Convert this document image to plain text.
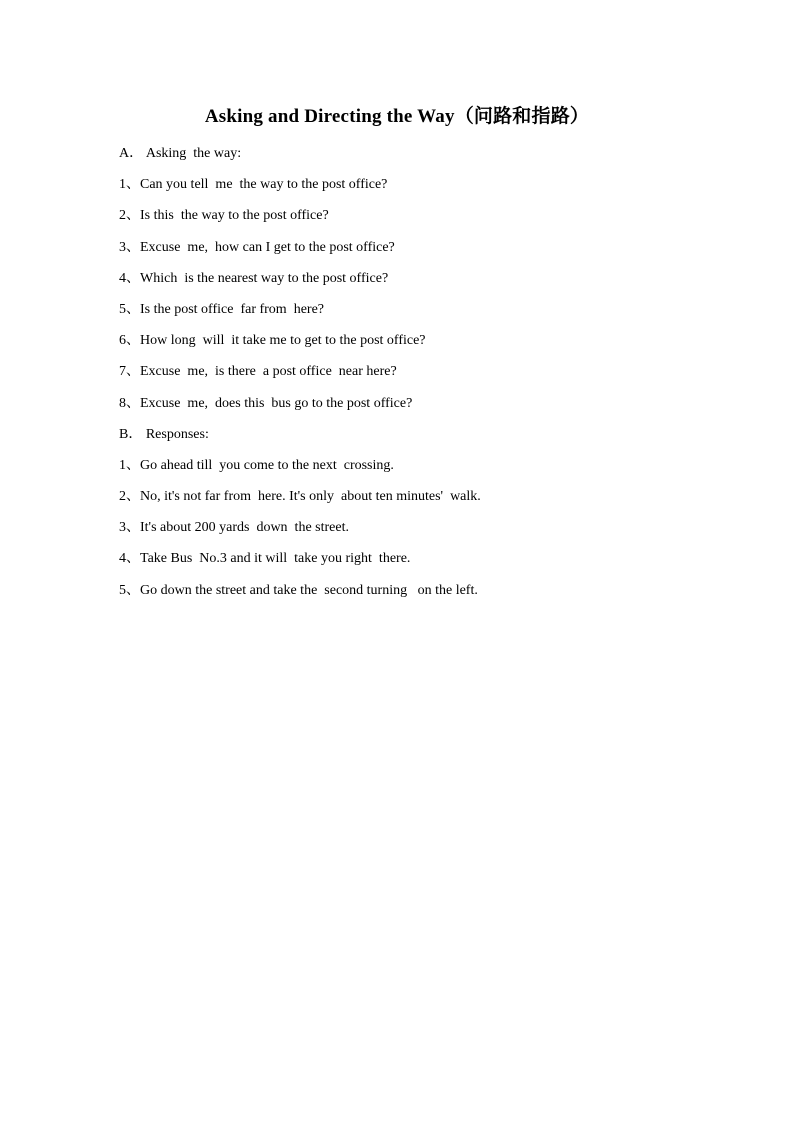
Asking and Directing the Way（问路和指路）
A． Asking  the way:
1、Can you tell  me  the way to the post office?
2、Is this  the way to the post office?
3、Excuse  me,  how can I get to the post office?
4、Which  is the nearest way to the post office?
5、Is the post office  far from  here?
6、How long  will  it take me to get to the post office?
7、Excuse  me,  is there  a post office  near here?
8、Excuse  me,  does this  bus go to the post office?
B． Responses:
1、Go ahead till  you come to the next  crossing.
2、No, it's not far from  here. It's only  about ten minutes'  walk.
3、It's about 200 yards  down  the street.
4、Take Bus  No.3 and it will  take you right  there.
5、Go down the street and take the  second turning   on the left.
